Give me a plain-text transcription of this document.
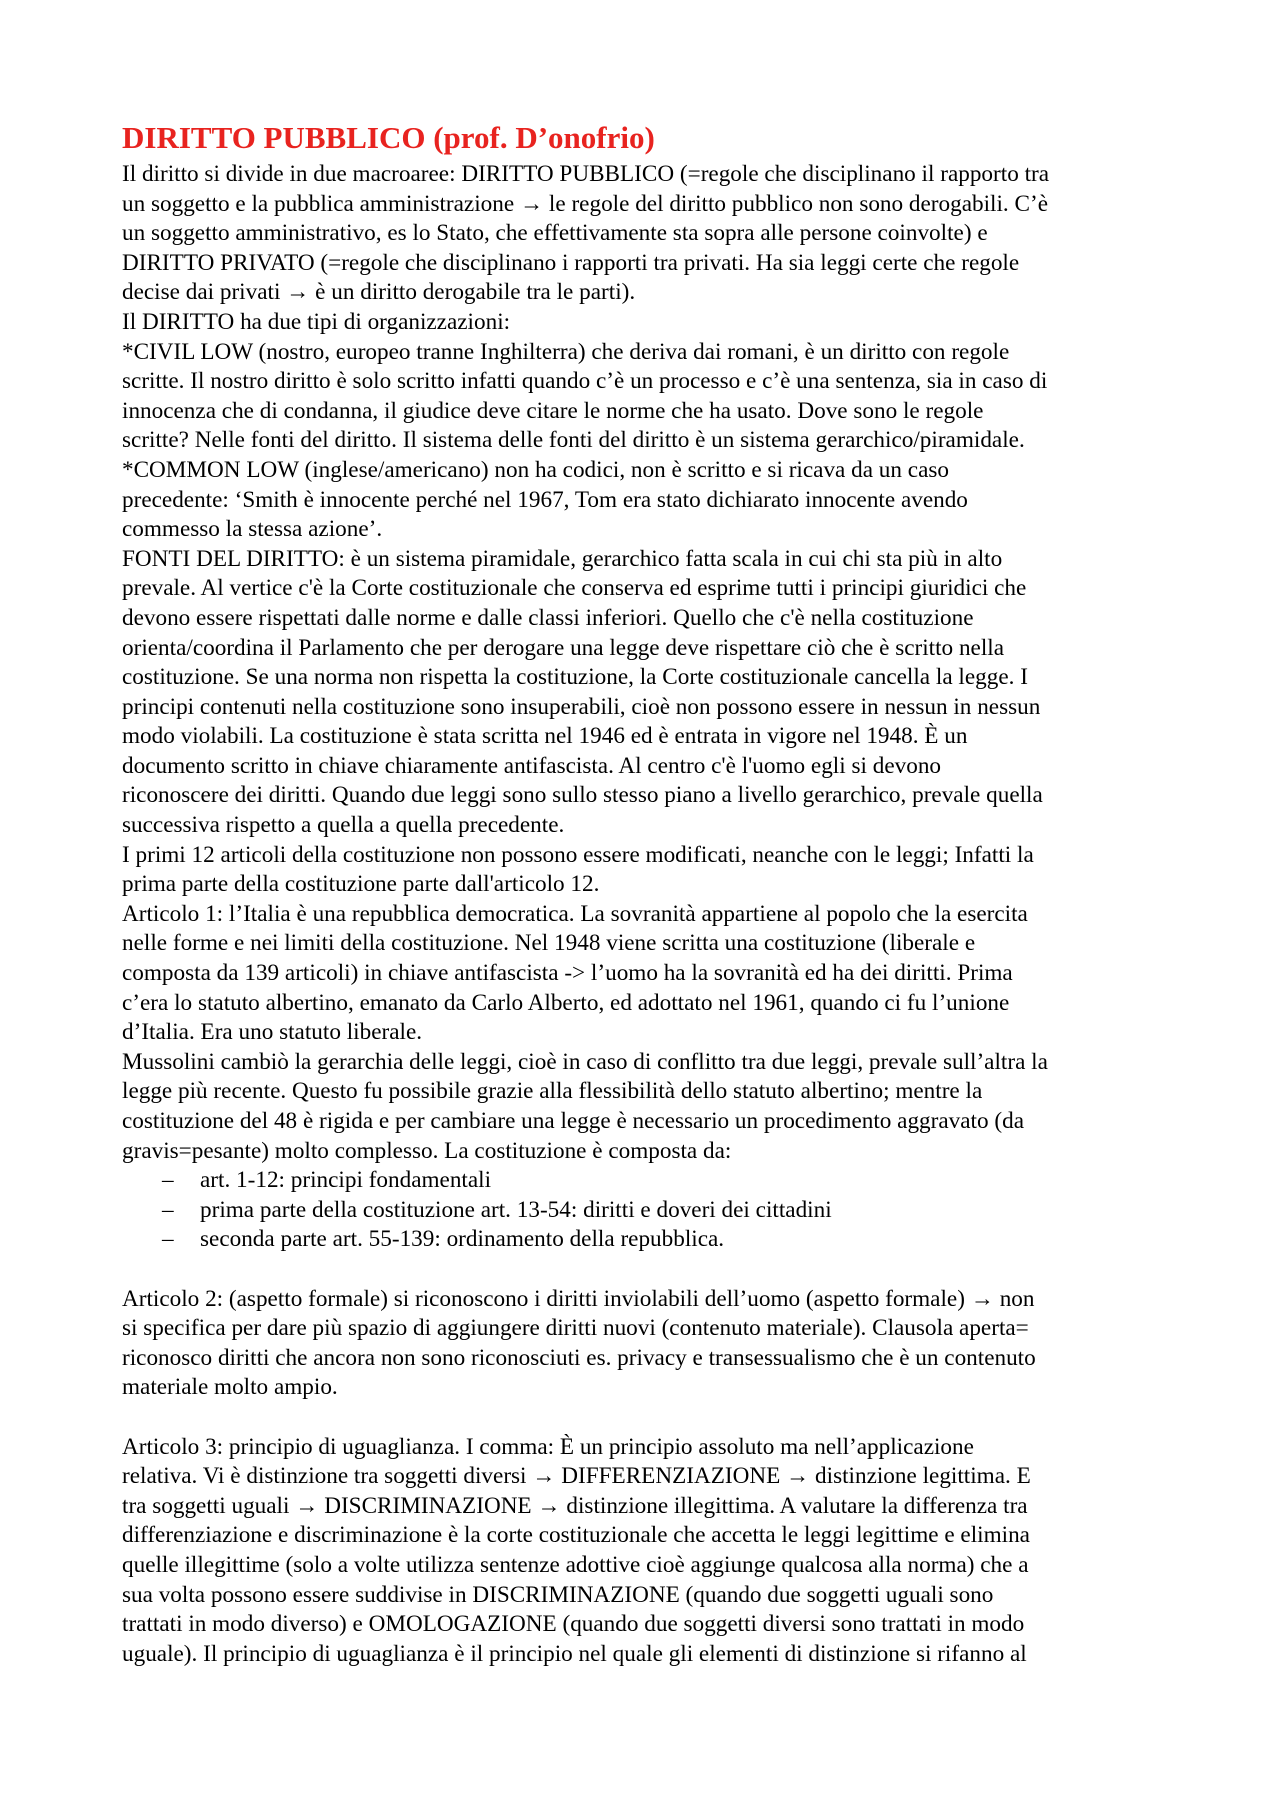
DIRITTO PUBBLICO (prof. D’onofrio)
Il diritto si divide in due macroaree: DIRITTO PUBBLICO (=regole che disciplinano il rapporto tra
un soggetto e la pubblica amministrazione → le regole del diritto pubblico non sono derogabili. C’è
un soggetto amministrativo, es lo Stato, che effettivamente sta sopra alle persone coinvolte) e
DIRITTO PRIVATO (=regole che disciplinano i rapporti tra privati. Ha sia leggi certe che regole
decise dai privati → è un diritto derogabile tra le parti).
Il DIRITTO ha due tipi di organizzazioni:
*CIVIL LOW (nostro, europeo tranne Inghilterra) che deriva dai romani, è un diritto con regole
scritte. Il nostro diritto è solo scritto infatti quando c’è un processo e c’è una sentenza, sia in caso di
innocenza che di condanna, il giudice deve citare le norme che ha usato. Dove sono le regole
scritte? Nelle fonti del diritto. Il sistema delle fonti del diritto è un sistema gerarchico/piramidale.
*COMMON LOW (inglese/americano) non ha codici, non è scritto e si ricava da un caso
precedente: ‘Smith è innocente perché nel 1967, Tom era stato dichiarato innocente avendo
commesso la stessa azione’.
FONTI DEL DIRITTO: è un sistema piramidale, gerarchico fatta scala in cui chi sta più in alto
prevale. Al vertice c'è la Corte costituzionale che conserva ed esprime tutti i principi giuridici che
devono essere rispettati dalle norme e dalle classi inferiori. Quello che c'è nella costituzione
orienta/coordina il Parlamento che per derogare una legge deve rispettare ciò che è scritto nella
costituzione. Se una norma non rispetta la costituzione, la Corte costituzionale cancella la legge. I
principi contenuti nella costituzione sono insuperabili, cioè non possono essere in nessun in nessun
modo violabili. La costituzione è stata scritta nel 1946 ed è entrata in vigore nel 1948. È un
documento scritto in chiave chiaramente antifascista. Al centro c'è l'uomo egli si devono
riconoscere dei diritti. Quando due leggi sono sullo stesso piano a livello gerarchico, prevale quella
successiva rispetto a quella a quella precedente.
I primi 12 articoli della costituzione non possono essere modificati, neanche con le leggi; Infatti la
prima parte della costituzione parte dall'articolo 12.
Articolo 1: l’Italia è una repubblica democratica. La sovranità appartiene al popolo che la esercita
nelle forme e nei limiti della costituzione. Nel 1948 viene scritta una costituzione (liberale e
composta da 139 articoli) in chiave antifascista -> l’uomo ha la sovranità ed ha dei diritti. Prima
c’era lo statuto albertino, emanato da Carlo Alberto, ed adottato nel 1961, quando ci fu l’unione
d’Italia. Era uno statuto liberale.
Mussolini cambiò la gerarchia delle leggi, cioè in caso di conflitto tra due leggi, prevale sull’altra la
legge più recente. Questo fu possibile grazie alla flessibilità dello statuto albertino; mentre la
costituzione del 48 è rigida e per cambiare una legge è necessario un procedimento aggravato (da
gravis=pesante) molto complesso. La costituzione è composta da:
– art. 1-12: principi fondamentali
– prima parte della costituzione art. 13-54: diritti e doveri dei cittadini
– seconda parte art. 55-139: ordinamento della repubblica.
Articolo 2: (aspetto formale) si riconoscono i diritti inviolabili dell’uomo (aspetto formale) → non
si specifica per dare più spazio di aggiungere diritti nuovi (contenuto materiale). Clausola aperta=
riconosco diritti che ancora non sono riconosciuti es. privacy e transessualismo che è un contenuto
materiale molto ampio.
Articolo 3: principio di uguaglianza. I comma: È un principio assoluto ma nell’applicazione
relativa. Vi è distinzione tra soggetti diversi → DIFFERENZIAZIONE → distinzione legittima. E
tra soggetti uguali → DISCRIMINAZIONE → distinzione illegittima. A valutare la differenza tra
differenziazione e discriminazione è la corte costituzionale che accetta le leggi legittime e elimina
quelle illegittime (solo a volte utilizza sentenze adottive cioè aggiunge qualcosa alla norma) che a
sua volta possono essere suddivise in DISCRIMINAZIONE (quando due soggetti uguali sono
trattati in modo diverso) e OMOLOGAZIONE (quando due soggetti diversi sono trattati in modo
uguale). Il principio di uguaglianza è il principio nel quale gli elementi di distinzione si rifanno al
